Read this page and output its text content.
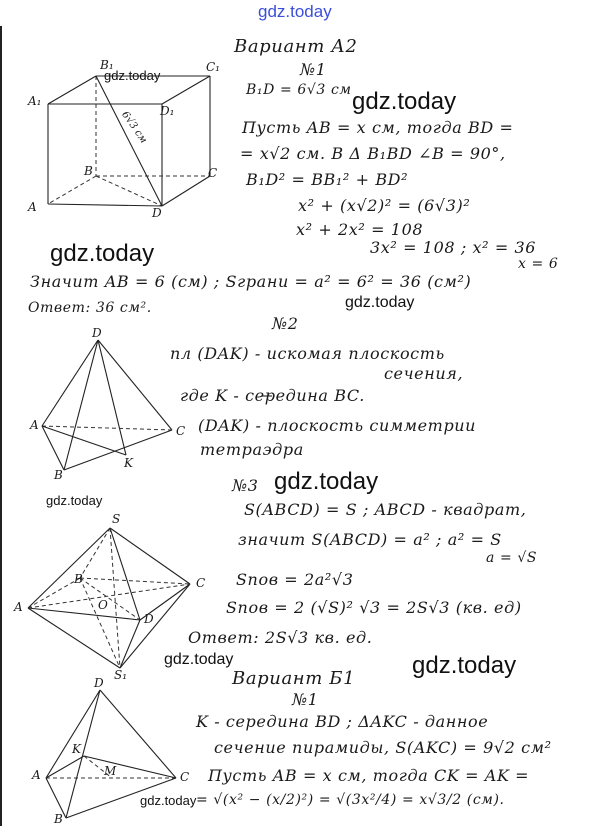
gdz.today
gdz.today
gdz.today
gdz.today
gdz.today
gdz.today
gdz.today
gdz.today	gdz.today
gdz.today
Вариант А2
№1
B₁D = 6√3 см
Пусть AB = x см, тогда BD =
= x√2 см. В Δ B₁BD ∠B = 90°,
B₁D² = BB₁² + BD²
x² + (x√2)² = (6√3)²
x² + 2x² = 108
3x² = 108 ; x² = 36
x = 6
Значит AB = 6 (см) ; Sграни = a² = 6² = 36 (см²)
Ответ: 36 см².
A₁
B₁	C₁
D₁
A
B	C
D
6√3 см
№2
пл (DAK) - искомая плоскость
сечения,
где K - середина BC.
(DAK) - плоскость симметрии
тетраэдра
D
A
B
C
K
№3
S(ABCD) = S ; ABCD - квадрат,
значит S(ABCD) = a² ; a² = S
a = √S
Sпов = 2a²√3
Sпов = 2 (√S)² √3 = 2S√3 (кв. ед)
Ответ: 2S√3 кв. ед.
S
A
B	C
D
O
S₁	Вариант Б1
№1
K - середина BD ; ΔAKC - данное
сечение пирамиды, S(AKC) = 9√2 см²
Пусть AB = x см, тогда CK = AK =
= √(x² − (x/2)²) = √(3x²/4) = x√3/2 (см).
D
A
B
C
K
M
